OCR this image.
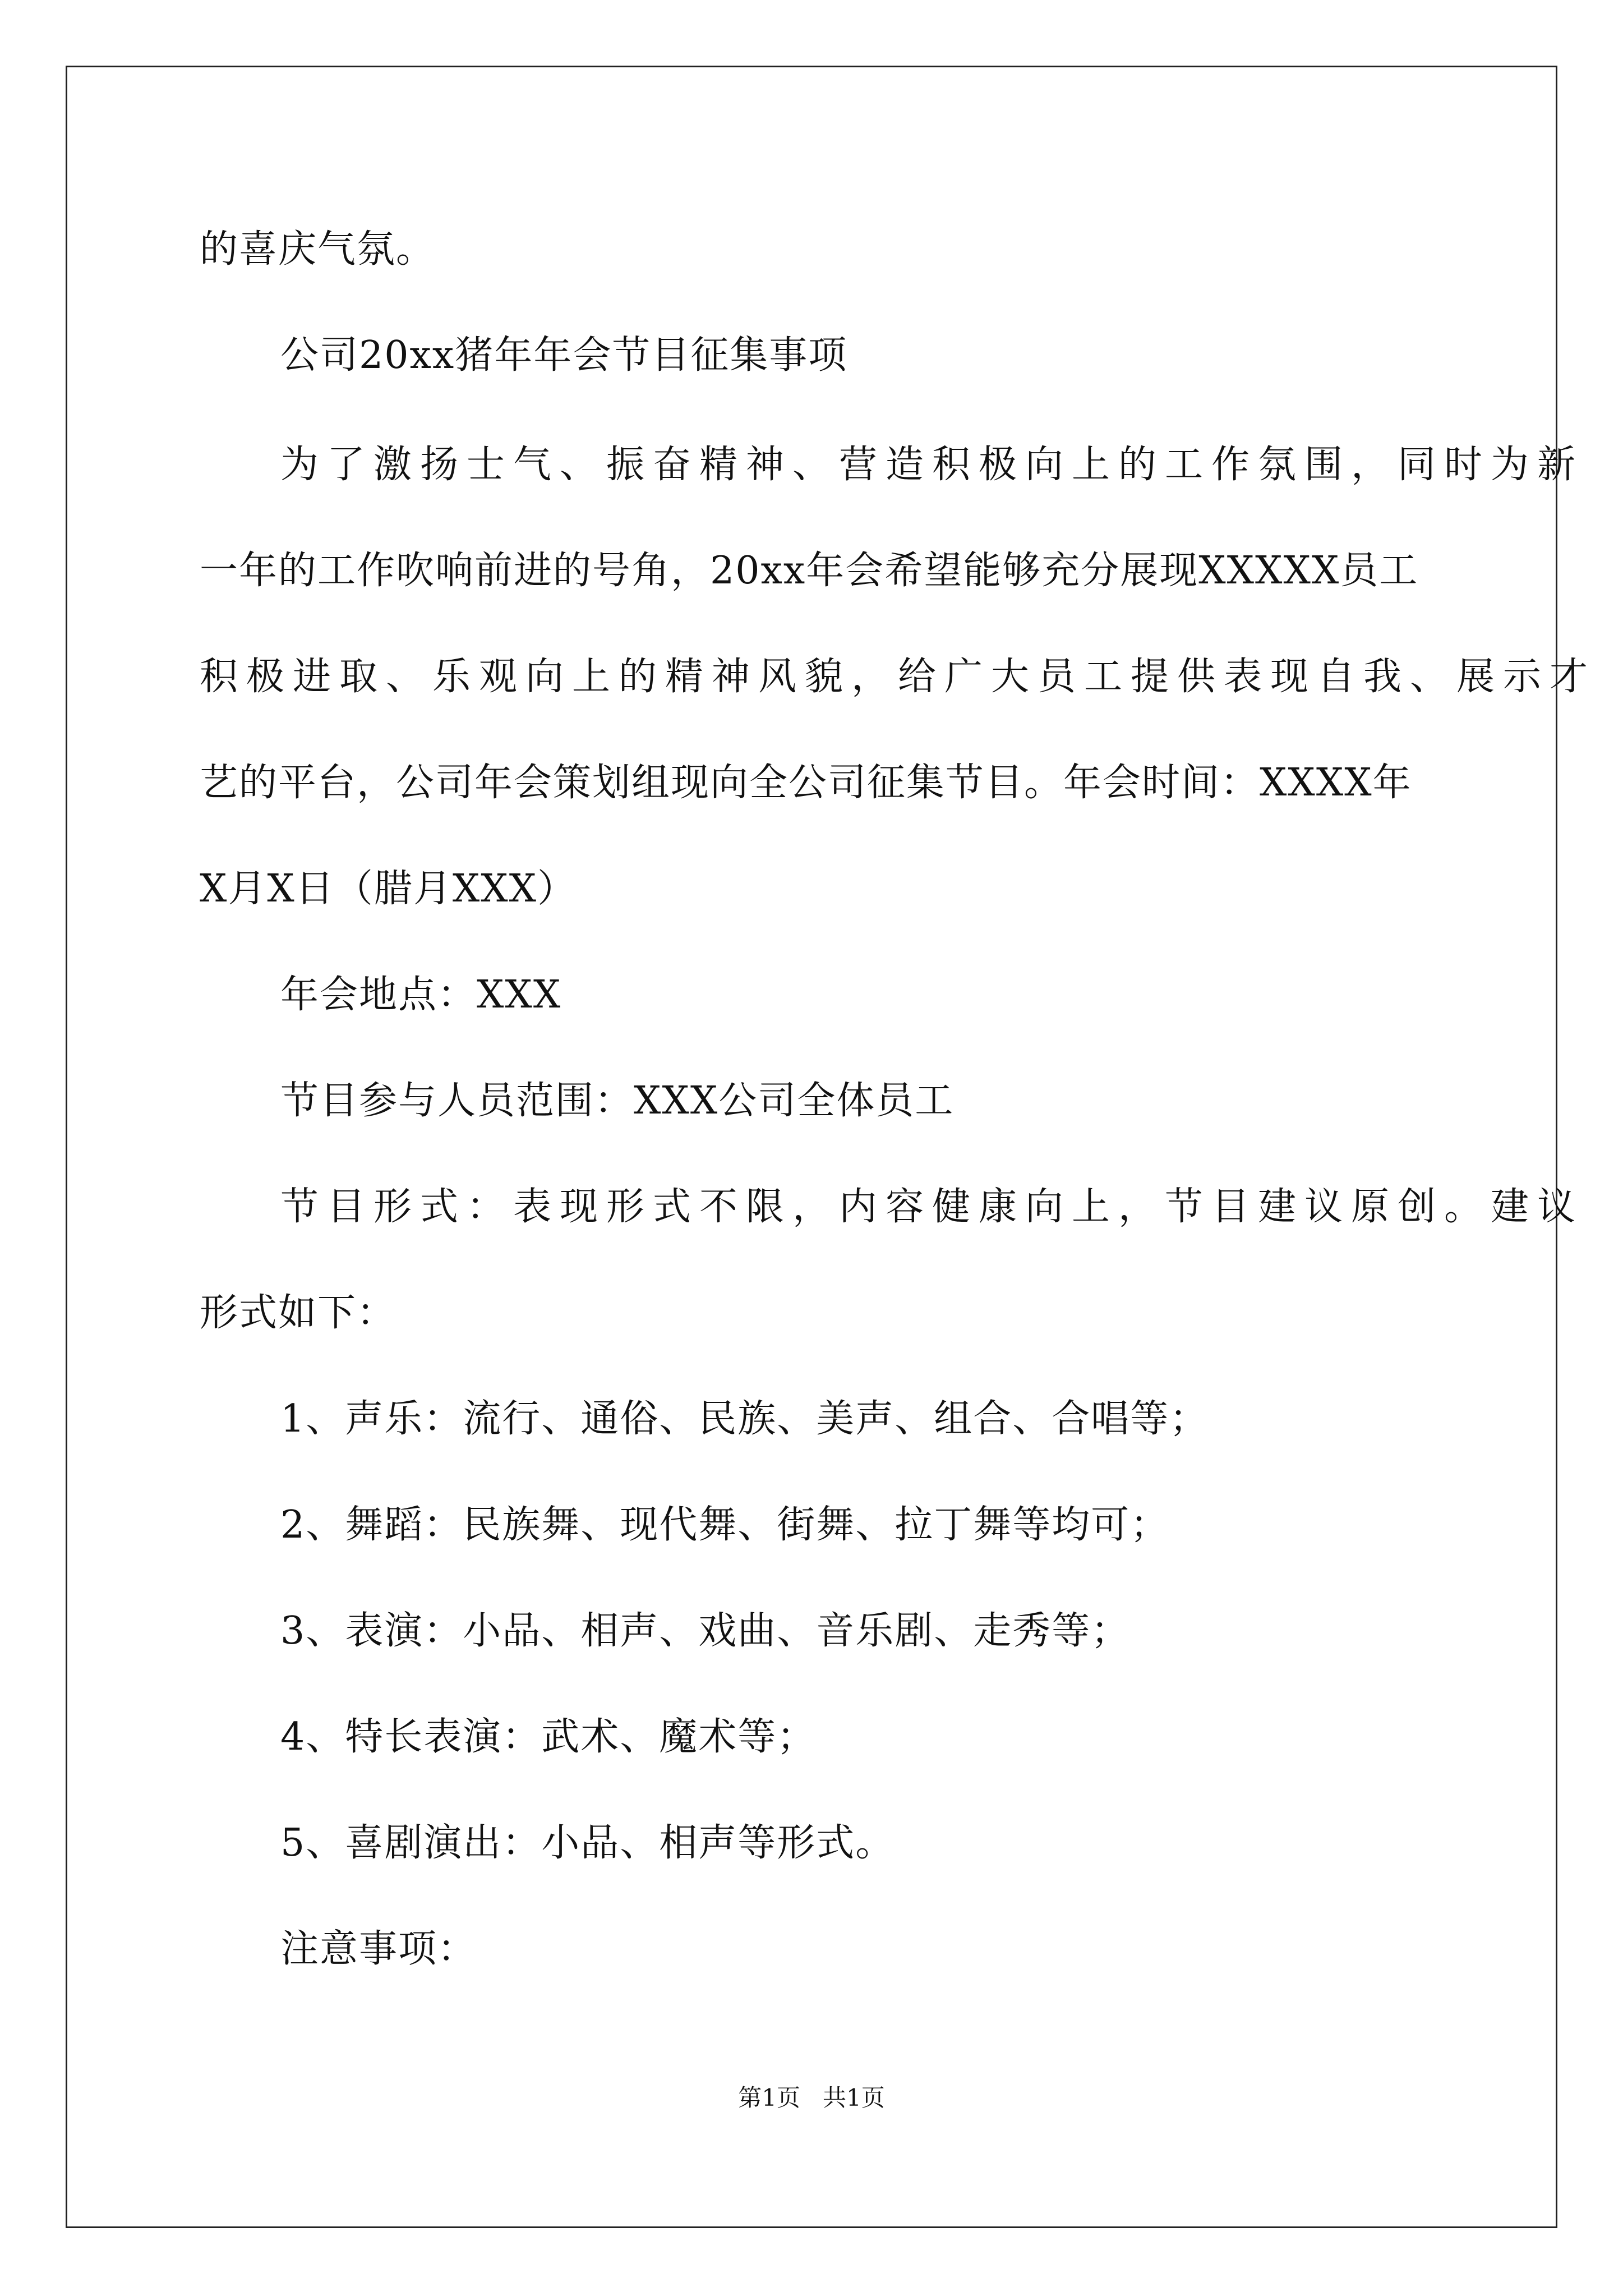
的喜庆气氛。
公司20xx猪年年会节目征集事项
为了激扬士气、振奋精神、营造积极向上的工作氛围，同时为新
一年的工作吹响前进的号角，20xx年会希望能够充分展现XXXXX员工
积极进取、乐观向上的精神风貌，给广大员工提供表现自我、展示才
艺的平台，公司年会策划组现向全公司征集节目。年会时间：XXXX年
X月X日（腊月XXX）
年会地点：XXX
节目参与人员范围：XXX公司全体员工
节目形式：表现形式不限，内容健康向上，节目建议原创。建议
形式如下：
1、声乐：流行、通俗、民族、美声、组合、合唱等；
2、舞蹈：民族舞、现代舞、街舞、拉丁舞等均可；
3、表演：小品、相声、戏曲、音乐剧、走秀等；
4、特长表演：武术、魔术等；
5、喜剧演出：小品、相声等形式。
注意事项：
第1页   共1页
